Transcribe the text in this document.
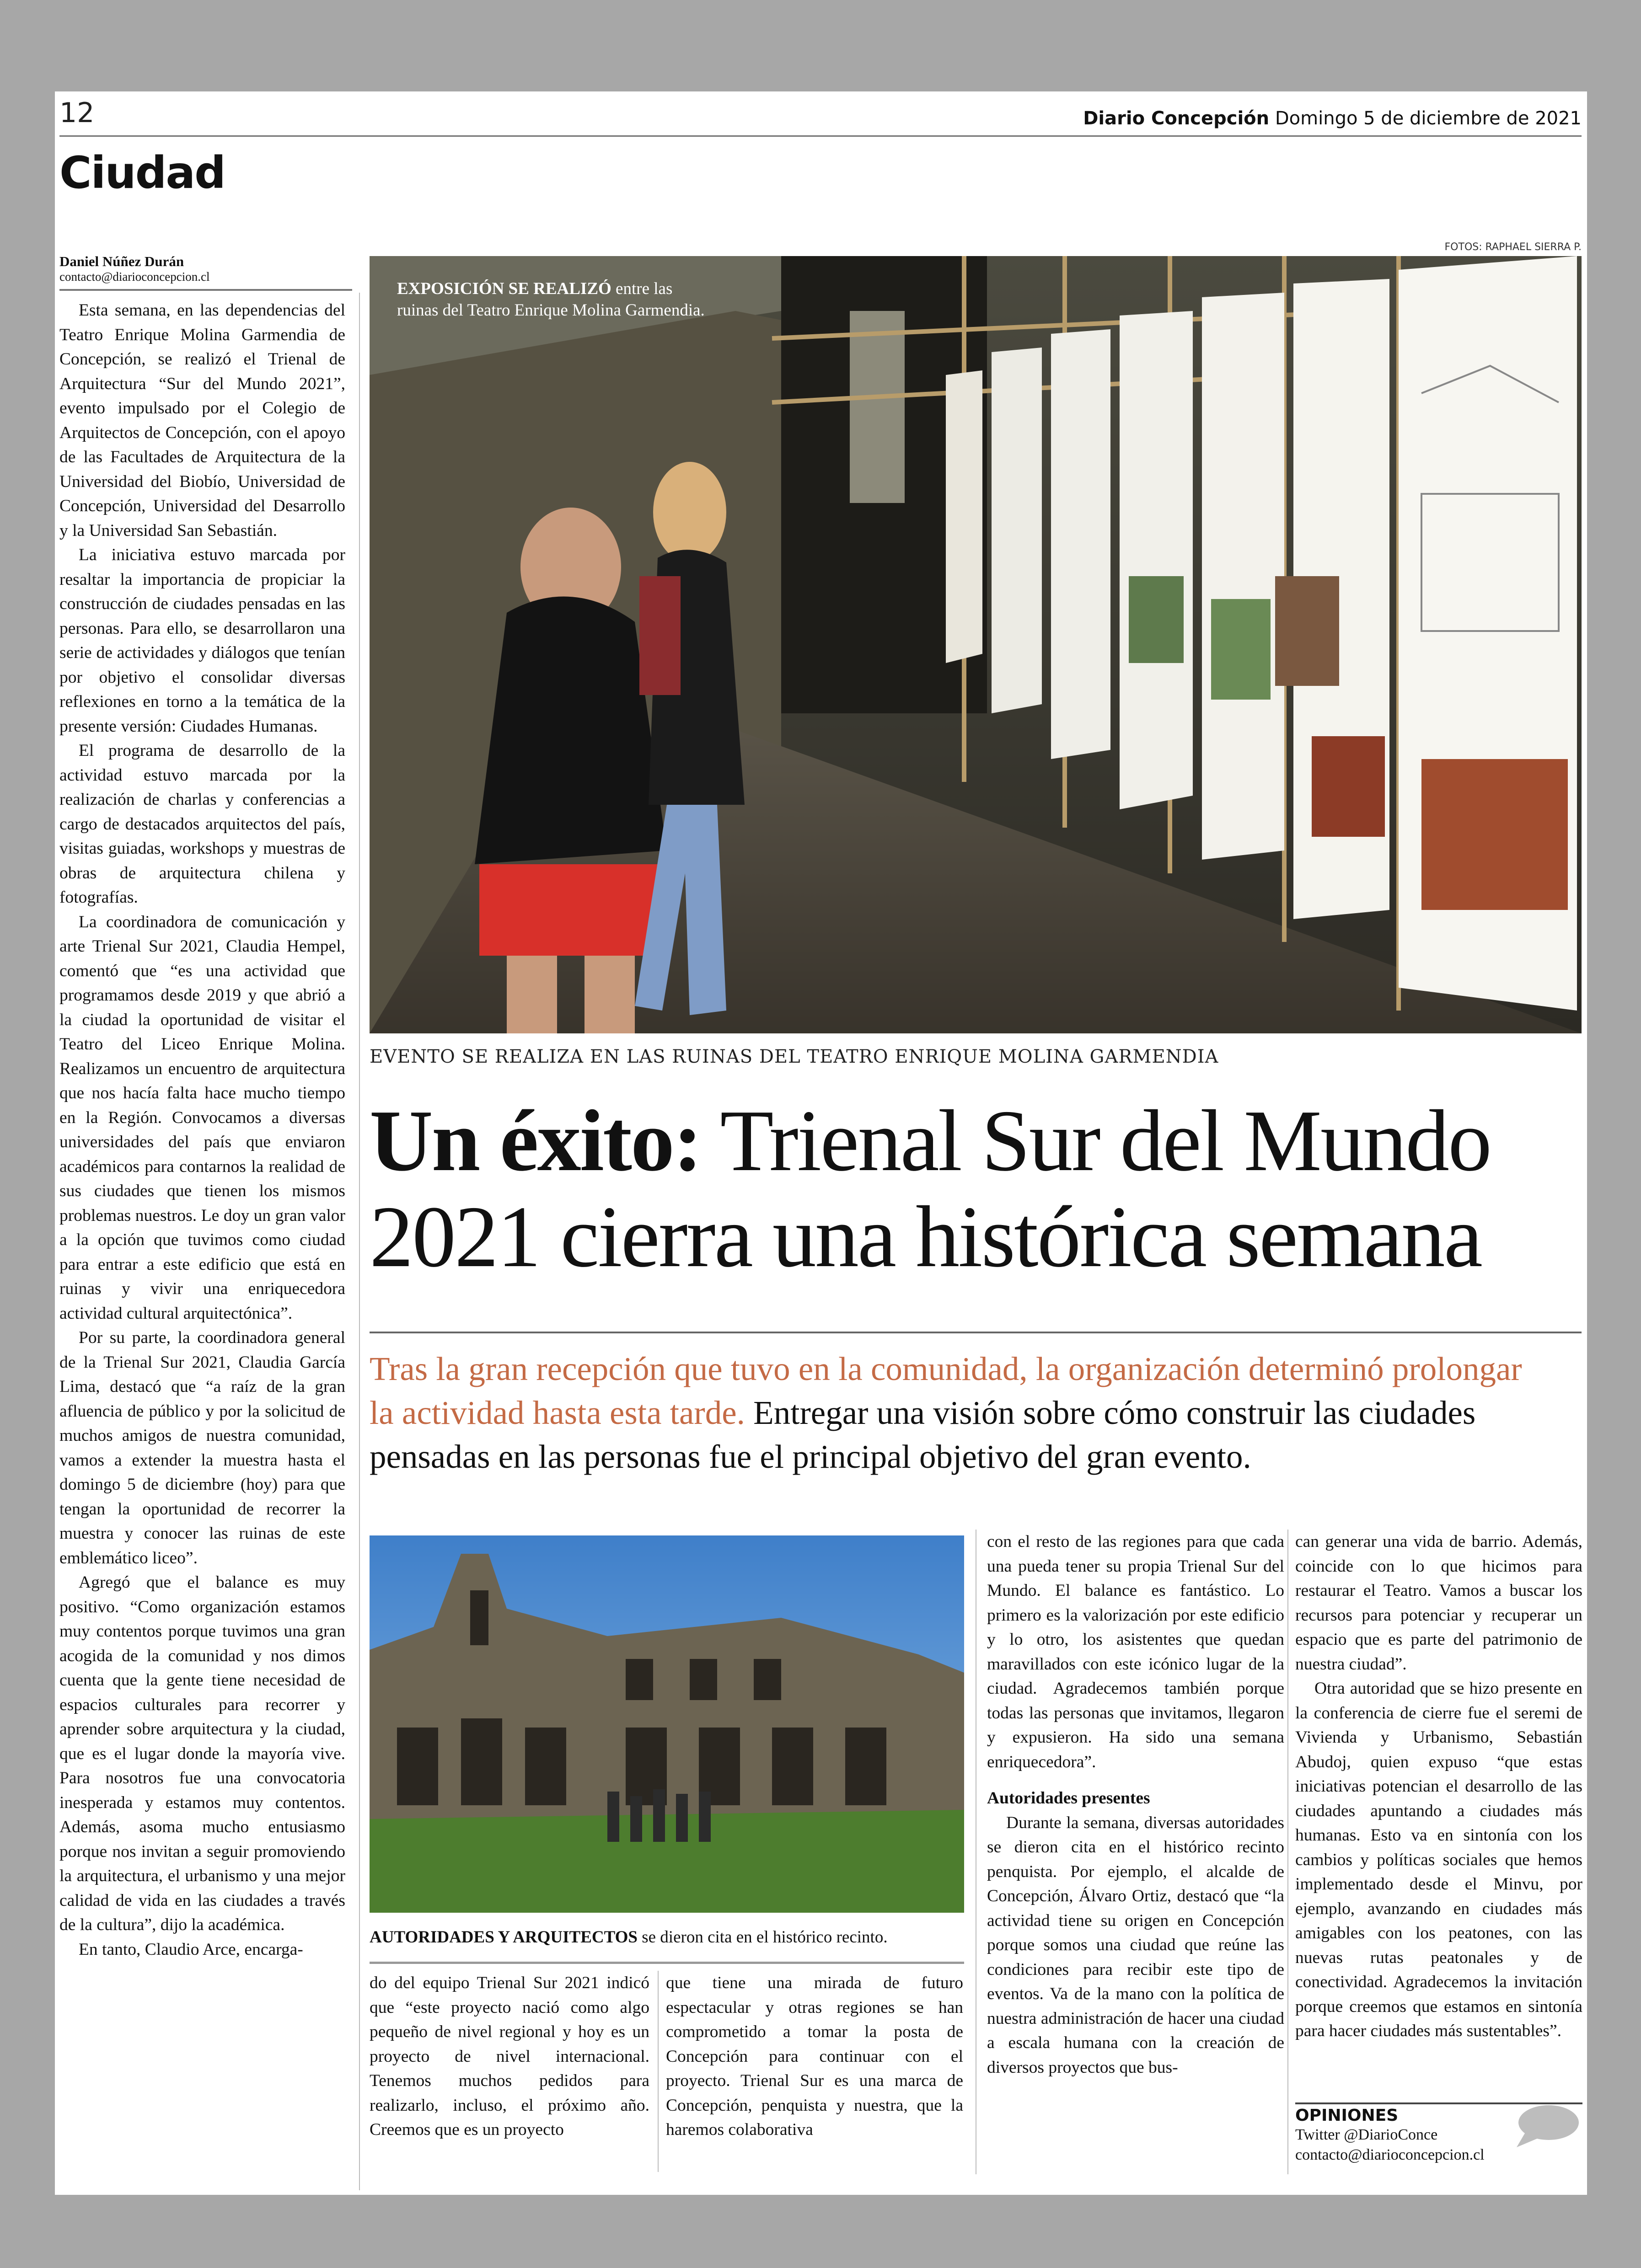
12	Diario Concepción Domingo 5 de diciembre de 2021
Ciudad
Daniel Núñez Durán
contacto@diarioconcepcion.cl

Esta semana, en las dependencias del Teatro Enrique Molina Garmendia de Concepción, se realizó el Trienal de Arquitectura “Sur del Mundo 2021”, evento impulsado por el Colegio de Arquitectos de Concepción, con el apoyo de las Facultades de Arquitectura de la Universidad del Biobío, Universidad de Concepción, Universidad del Desarrollo y la Universidad San Sebastián.

La iniciativa estuvo marcada por resaltar la importancia de propiciar la construcción de ciudades pensadas en las personas. Para ello, se desarrollaron una serie de actividades y diálogos que tenían por objetivo el consolidar diversas reflexiones en torno a la temática de la presente versión: Ciudades Humanas.

El programa de desarrollo de la actividad estuvo marcada por la realización de charlas y conferencias a cargo de destacados arquitectos del país, visitas guiadas, workshops y muestras de obras de arquitectura chilena y fotografías.

La coordinadora de comunicación y arte Trienal Sur 2021, Claudia Hempel, comentó que “es una actividad que programamos desde 2019 y que abrió a la ciudad la oportunidad de visitar el Teatro del Liceo Enrique Molina. Realizamos un encuentro de arquitectura que nos hacía falta hace mucho tiempo en la Región. Convocamos a diversas universidades del país que enviaron académicos para contarnos la realidad de sus ciudades que tienen los mismos problemas nuestros. Le doy un gran valor a la opción que tuvimos como ciudad para entrar a este edificio que está en ruinas y vivir una enriquecedora actividad cultural arquitectónica”.

Por su parte, la coordinadora general de la Trienal Sur 2021, Claudia García Lima, destacó que “a raíz de la gran afluencia de público y por la solicitud de muchos amigos de nuestra comunidad, vamos a extender la muestra hasta el domingo 5 de diciembre (hoy) para que tengan la oportunidad de recorrer la muestra y conocer las ruinas de este emblemático liceo”.

Agregó que el balance es muy positivo. “Como organización estamos muy contentos porque tuvimos una gran acogida de la comunidad y nos dimos cuenta que la gente tiene necesidad de espacios culturales para recorrer y aprender sobre arquitectura y la ciudad, que es el lugar donde la mayoría vive. Para nosotros fue una convocatoria inesperada y estamos muy contentos. Además, asoma mucho entusiasmo porque nos invitan a seguir promoviendo la arquitectura, el urbanismo y una mejor calidad de vida en las ciudades a través de la cultura”, dijo la académica.

En tanto, Claudio Arce, encarga-

FOTOS: RAPHAEL SIERRA P.
EXPOSICIÓN SE REALIZÓ entre las ruinas del Teatro Enrique Molina Garmendia.
EVENTO SE REALIZA EN LAS RUINAS DEL TEATRO ENRIQUE MOLINA GARMENDIA
Un éxito: Trienal Sur del Mundo
2021 cierra una histórica semana
Tras la gran recepción que tuvo en la comunidad, la organización determinó prolongar la actividad hasta esta tarde. Entregar una visión sobre cómo construir las ciudades pensadas en las personas fue el principal objetivo del gran evento.
AUTORIDADES Y ARQUITECTOS se dieron cita en el histórico recinto.

do del equipo Trienal Sur 2021 indicó que “este proyecto nació como algo pequeño de nivel regional y hoy es un proyecto de nivel internacional. Tenemos muchos pedidos para realizarlo, incluso, el próximo año. Creemos que es un proyecto

que tiene una mirada de futuro espectacular y otras regiones se han comprometido a tomar la posta de Concepción para continuar con el proyecto. Trienal Sur es una marca de Concepción, penquista y nuestra, que la haremos colaborativa

con el resto de las regiones para que cada una pueda tener su propia Trienal Sur del Mundo. El balance es fantástico. Lo primero es la valorización por este edificio y lo otro, los asistentes que quedan maravillados con este icónico lugar de la ciudad. Agradecemos también porque todas las personas que invitamos, llegaron y expusieron. Ha sido una semana enriquecedora”.

Autoridades presentes

Durante la semana, diversas autoridades se dieron cita en el histórico recinto penquista. Por ejemplo, el alcalde de Concepción, Álvaro Ortiz, destacó que “la actividad tiene su origen en Concepción porque somos una ciudad que reúne las condiciones para recibir este tipo de eventos. Va de la mano con la política de nuestra administración de hacer una ciudad a escala humana con la creación de diversos proyectos que bus-

can generar una vida de barrio. Además, coincide con lo que hicimos para restaurar el Teatro. Vamos a buscar los recursos para potenciar y recuperar un espacio que es parte del patrimonio de nuestra ciudad”.

Otra autoridad que se hizo presente en la conferencia de cierre fue el seremi de Vivienda y Urbanismo, Sebastián Abudoj, quien expuso “que estas iniciativas potencian el desarrollo de las ciudades apuntando a ciudades más humanas. Esto va en sintonía con los cambios y políticas sociales que hemos implementado desde el Minvu, por ejemplo, avanzando en ciudades más amigables con los peatones, con las nuevas rutas peatonales y de conectividad. Agradecemos la invitación porque creemos que estamos en sintonía para hacer ciudades más sustentables”.

OPINIONES
Twitter @DiarioConce
contacto@diarioconcepcion.cl
